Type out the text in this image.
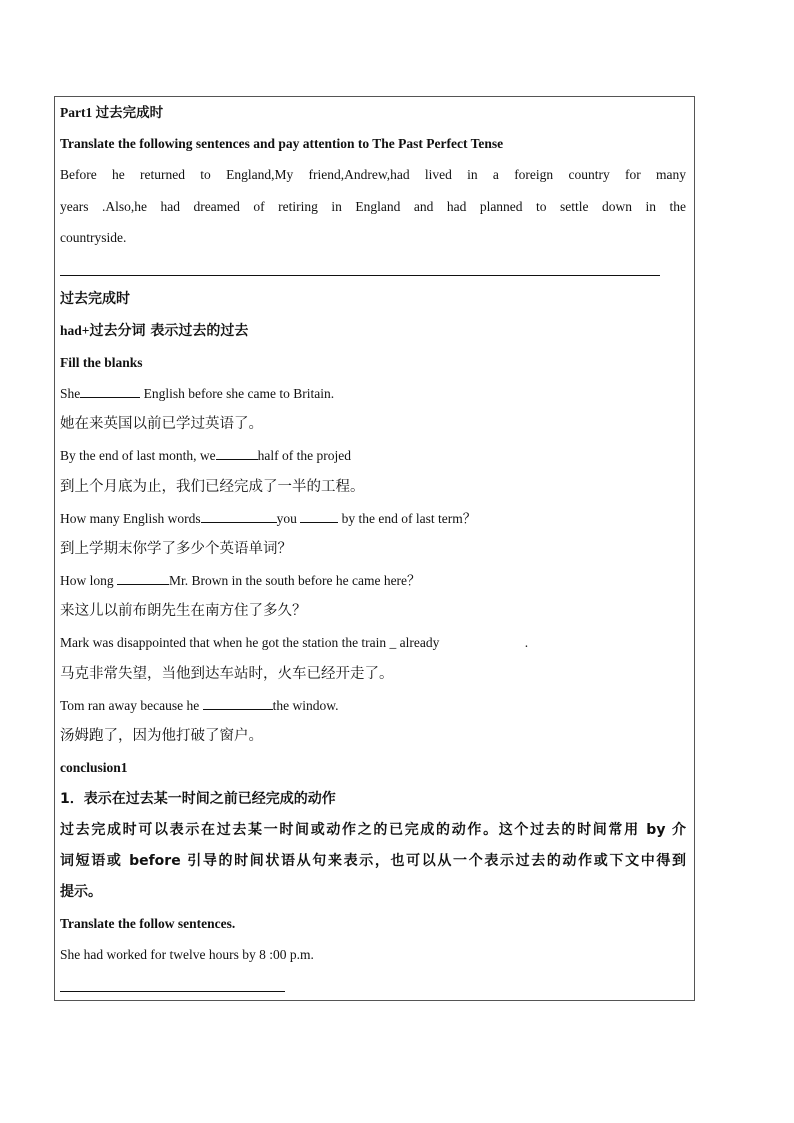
Part1 过去完成时
Translate the following sentences and pay attention to The Past Perfect Tense
Before he returned to England,My friend,Andrew,had lived in a foreign country for many
years .Also,he had dreamed of retiring in England and had planned to settle down in the
countryside.
过去完成时
had+过去分词 表示过去的过去
Fill the blanks
She	English before she came to Britain.
她在来英国以前已学过英语了。
By the end of last month, we	half of the projed
到上个月底为止，我们已经完成了一半的工程。
How many English words	you	by the end of last term？
到上学期末你学了多少个英语单词？
How long	Mr. Brown in the south before he came here？
来这儿以前布朗先生在南方住了多久？
Mark was disappointed that when he got the station the train _ already	.
马克非常失望，当他到达车站时，火车已经开走了。
Tom ran away because he	the window.
汤姆跑了，因为他打破了窗户。
conclusion1
1．表示在过去某一时间之前已经完成的动作
过去完成时可以表示在过去某一时间或动作之的已完成的动作。这个过去的时间常用 by 介
词短语或 before 引导的时间状语从句来表示，也可以从一个表示过去的动作或下文中得到
提示。
Translate the follow sentences.
She had worked for twelve hours by 8 :00 p.m.
